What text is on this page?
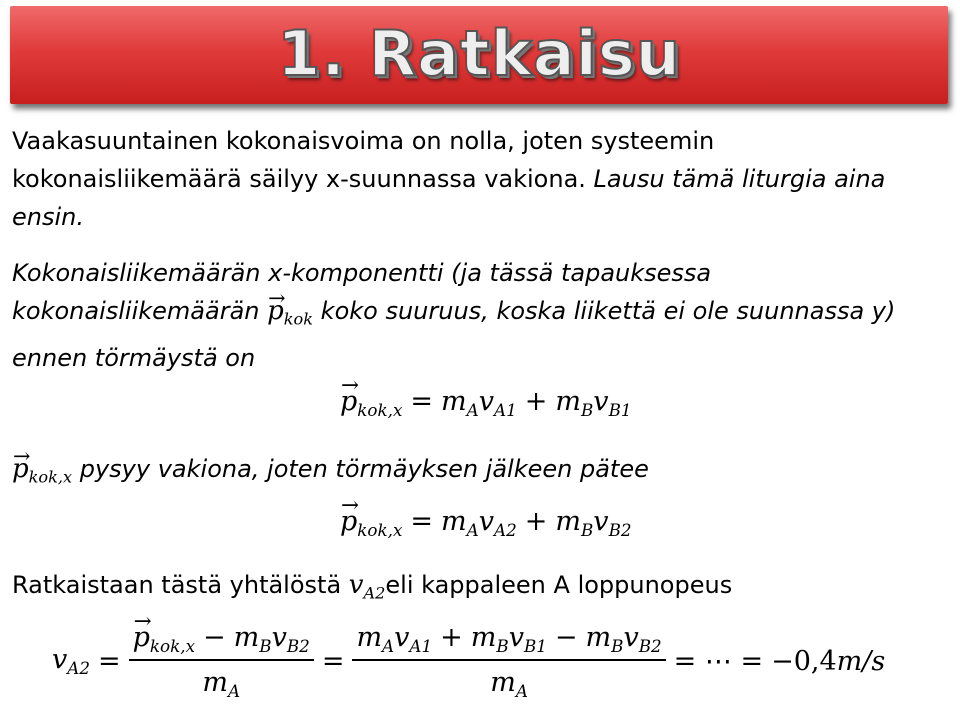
1. Ratkaisu
Vaakasuuntainen kokonaisvoima on nolla, joten systeemin
kokonaisliikemäärä säilyy x-suunnassa vakiona. Lausu tämä liturgia aina
ensin.
Kokonaisliikemäärän x-komponentti (ja tässä tapauksessa
kokonaisliikemäärän → $p_{kok}$ koko suuruus, koska liikettä ei ole suunnassa y)
ennen törmäystä on
→ $p_{kok,x} = m_Av_{A1} + m_Bv_{B1}$
→ $p_{kok,x}$ pysyy vakiona, joten törmäyksen jälkeen pätee
→ $p_{kok,x} = m_Av_{A2} + m_Bv_{B2}$
Ratkaistaan tästä yhtälöstä $v_{A2}eli$ kappaleen A loppunopeus
$v_{A2}$ = → $\frac{p_{kok,x} - m_Bv_{B2}}{m_A} = \frac{m_Av_{A1} + m_Bv_{B1} - m_Bv_{B2}}{m_A}$ = ⋯ = −0,4m/s
